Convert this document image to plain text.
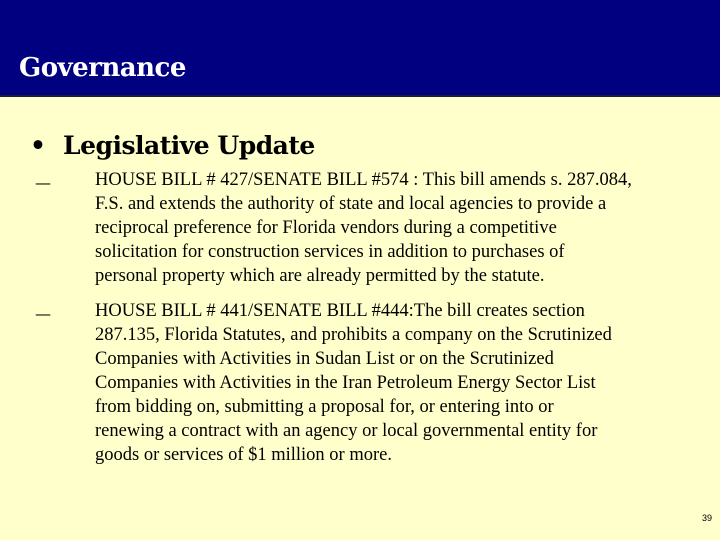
Governance
• Legislative Update
— HOUSE BILL # 427/SENATE BILL #574 : This bill amends s. 287.084,
F.S. and extends the authority of state and local agencies to provide a
reciprocal preference for Florida vendors during a competitive
solicitation for construction services in addition to purchases of
personal property which are already permitted by the statute.
— HOUSE BILL # 441/SENATE BILL #444:The bill creates section
287.135, Florida Statutes, and prohibits a company on the Scrutinized
Companies with Activities in Sudan List or on the Scrutinized
Companies with Activities in the Iran Petroleum Energy Sector List
from bidding on, submitting a proposal for, or entering into or
renewing a contract with an agency or local governmental entity for
goods or services of $1 million or more.
39
